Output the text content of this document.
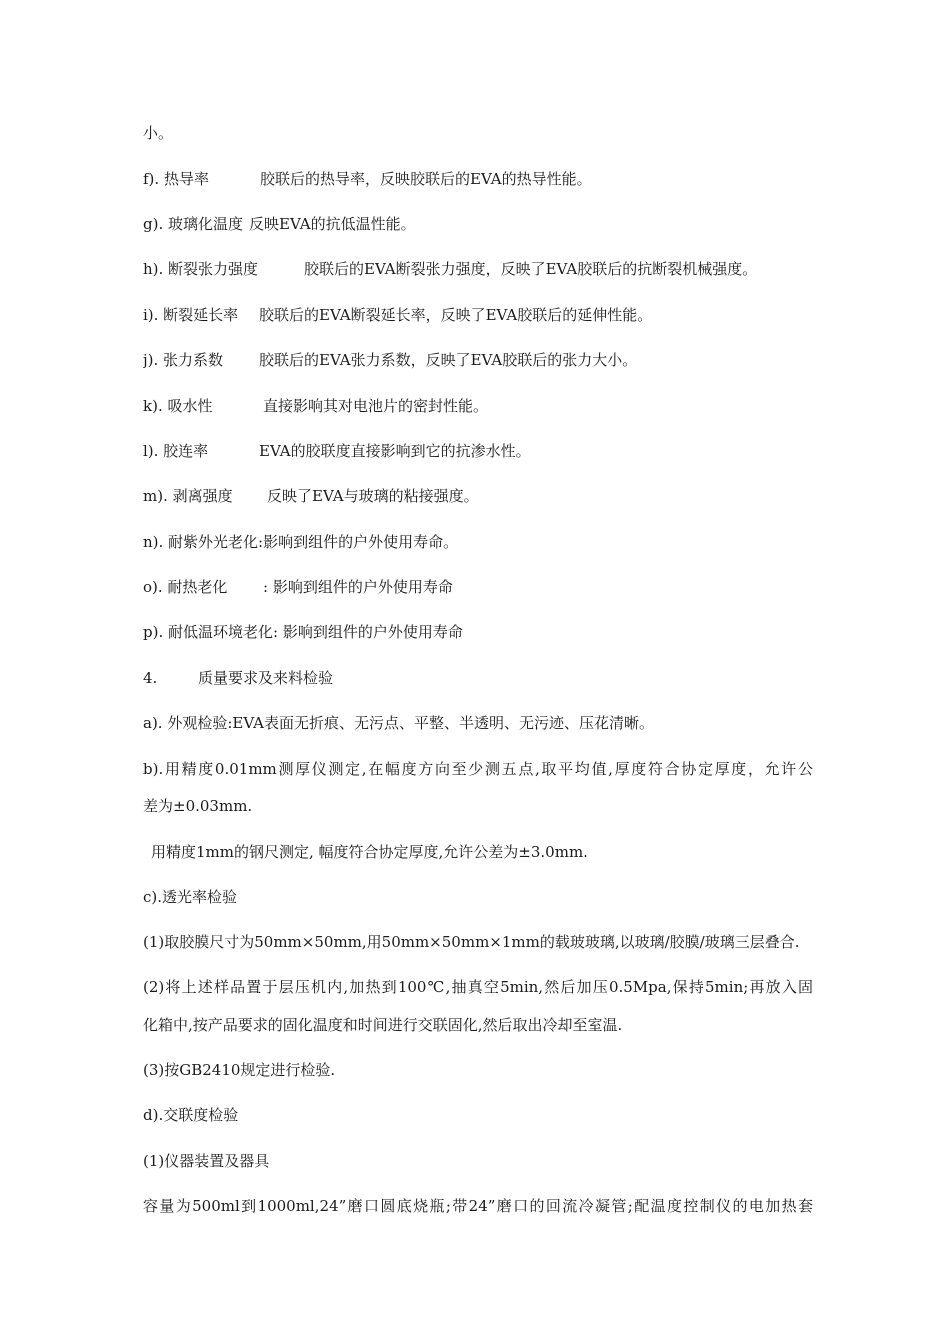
小。
f). 热导率	胶联后的热导率，反映胶联后的EVA的热导性能。
g). 玻璃化温度 反映EVA的抗低温性能。
h). 断裂张力强度	胶联后的EVA断裂张力强度，反映了EVA胶联后的抗断裂机械强度。
i). 断裂延长率 胶联后的EVA断裂延长率，反映了EVA胶联后的延伸性能。
j). 张力系数 胶联后的EVA张力系数，反映了EVA胶联后的张力大小。
k). 吸水性	直接影响其对电池片的密封性能。
l). 胶连率	EVA的胶联度直接影响到它的抗渗水性。
m). 剥离强度 反映了EVA与玻璃的粘接强度。
n). 耐紫外光老化:影响到组件的户外使用寿命。
o). 耐热老化 : 影响到组件的户外使用寿命
p). 耐低温环境老化: 影响到组件的户外使用寿命
4.	质量要求及来料检验
a). 外观检验:EVA表面无折痕、无污点、平整、半透明、无污迹、压花清晰。
b).用精度0.01mm测厚仪测定,在幅度方向至少测五点,取平均值,厚度符合协定厚度，允许公
差为±0.03mm.
用精度1mm的钢尺测定, 幅度符合协定厚度,允许公差为±3.0mm.
c).透光率检验
(1)取胶膜尺寸为50mm×50mm,用50mm×50mm×1mm的载玻玻璃,以玻璃/胶膜/玻璃三层叠合.
(2)将上述样品置于层压机内,加热到100℃,抽真空5min,然后加压0.5Mpa,保持5min;再放入固
化箱中,按产品要求的固化温度和时间进行交联固化,然后取出冷却至室温.
(3)按GB2410规定进行检验.
d).交联度检验
(1)仪器装置及器具
容量为500ml到1000ml,24”磨口圆底烧瓶;带24”磨口的回流冷凝管;配温度控制仪的电加热套
